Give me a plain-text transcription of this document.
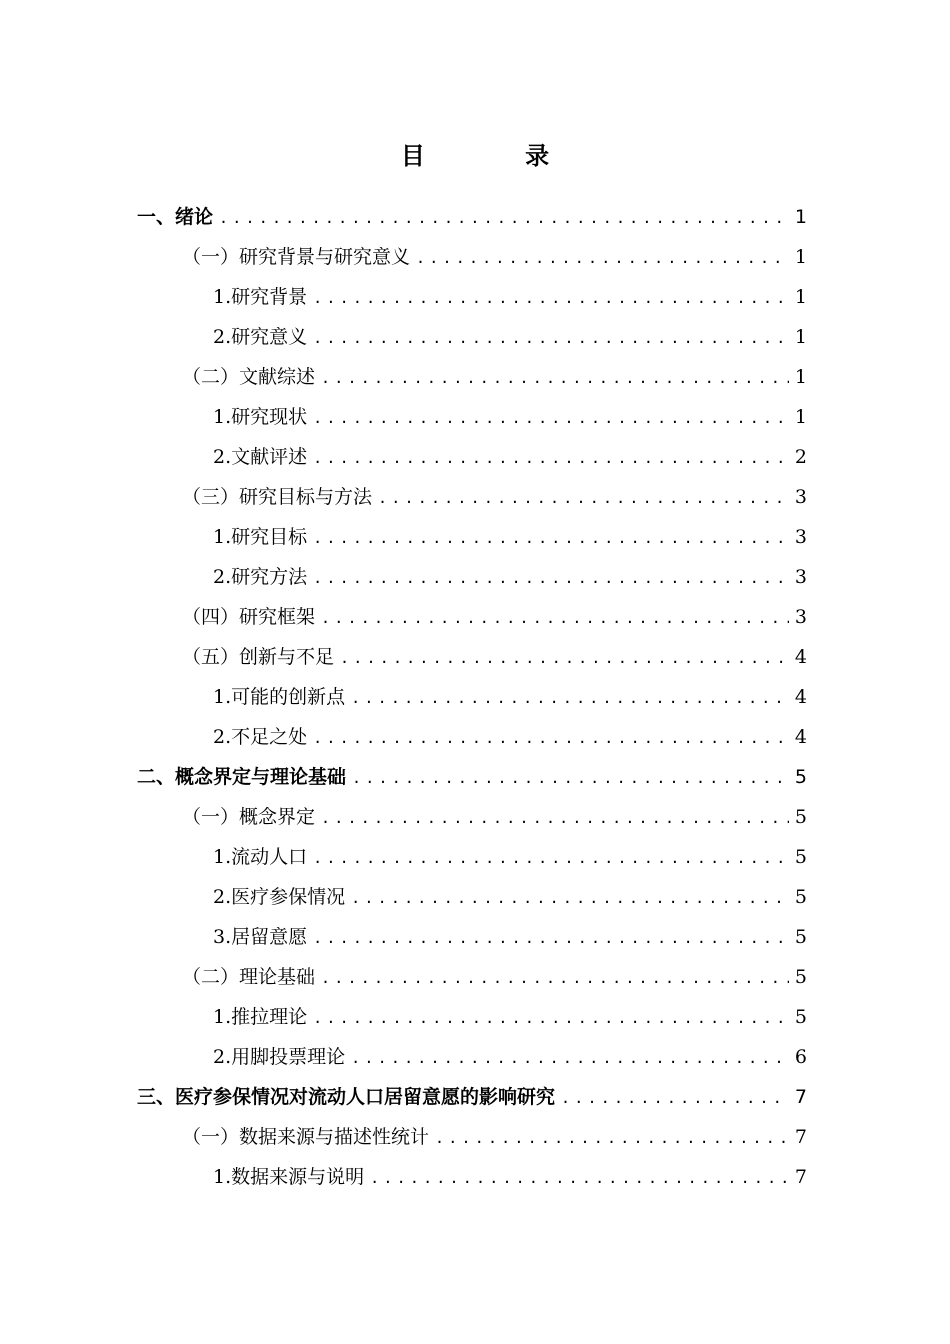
目 录
一、绪论 .....	1
（一）研究背景与研究意义 .....	1
1.研究背景 .....	1
2.研究意义 .....	1
（二）文献综述 .....	1
1.研究现状 .....	1
2.文献评述 .....	2
（三）研究目标与方法 .....	3
1.研究目标 .....	3
2.研究方法 .....	3
（四）研究框架 .....	3
（五）创新与不足 .....	4
1.可能的创新点 .....	4
2.不足之处 .....	4
二、概念界定与理论基础 .....	5
（一）概念界定 .....	5
1.流动人口 .....	5
2.医疗参保情况 .....	5
3.居留意愿 .....	5
（二）理论基础 .....	5
1.推拉理论 .....	5
2.用脚投票理论 .....	6
三、医疗参保情况对流动人口居留意愿的影响研究 .....	7
（一）数据来源与描述性统计 .....	7
1.数据来源与说明 .....	7
